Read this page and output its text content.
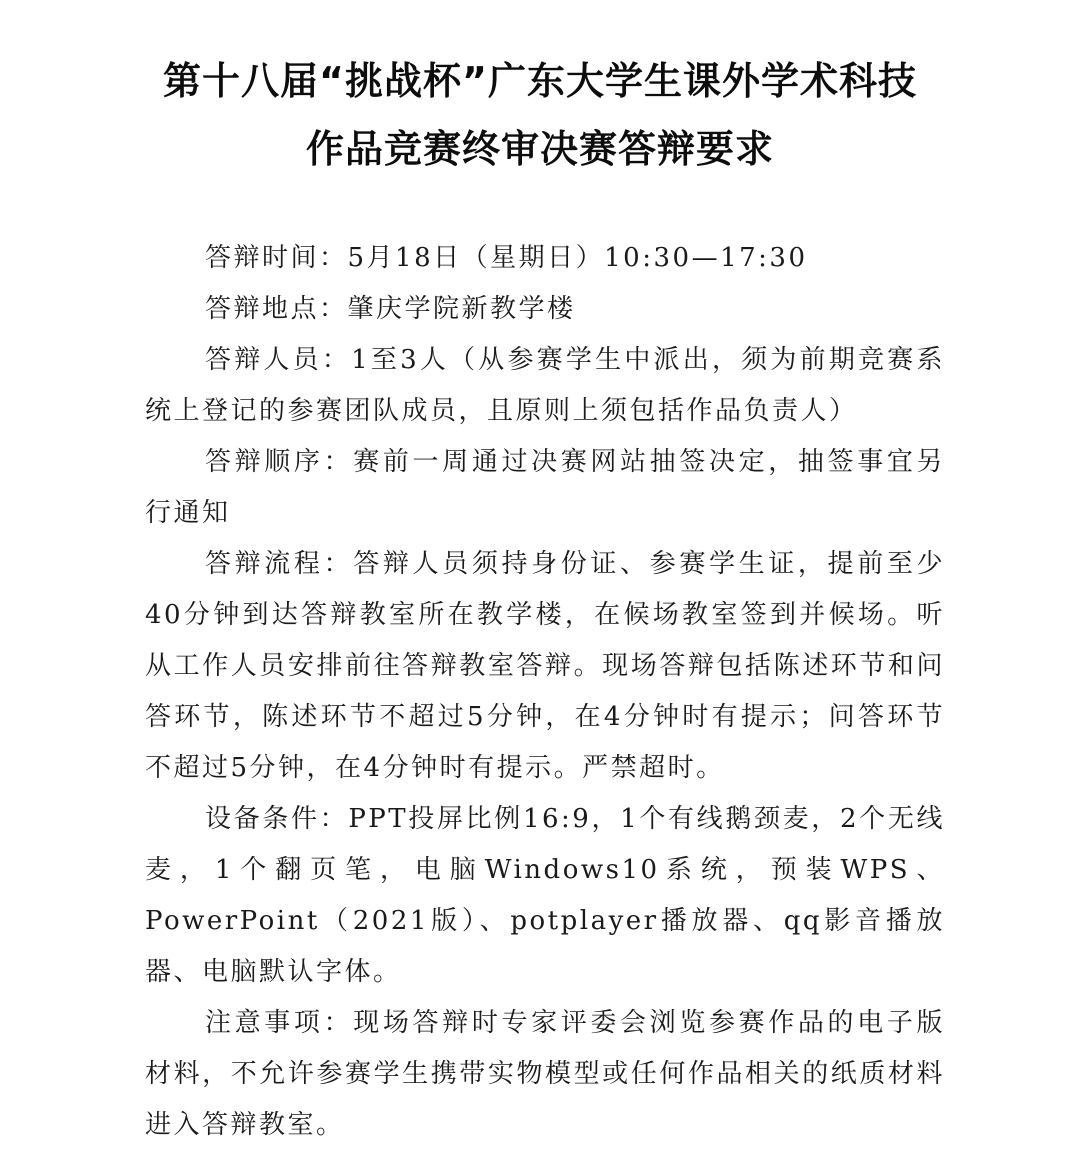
第十八届“挑战杯”广东大学生课外学术科技
作品竞赛终审决赛答辩要求

答辩时间：5月18日（星期日）10:30—17:30

答辩地点：肇庆学院新教学楼

答辩人员：1至3人（从参赛学生中派出，须为前期竞赛系统上登记的参赛团队成员，且原则上须包括作品负责人）

答辩顺序：赛前一周通过决赛网站抽签决定，抽签事宜另行通知

答辩流程：答辩人员须持身份证、参赛学生证，提前至少40分钟到达答辩教室所在教学楼，在候场教室签到并候场。听从工作人员安排前往答辩教室答辩。现场答辩包括陈述环节和问答环节，陈述环节不超过5分钟，在4分钟时有提示；问答环节不超过5分钟，在4分钟时有提示。严禁超时。

设备条件：PPT投屏比例16:9，1个有线鹅颈麦，2个无线麦，1个翻页笔，电脑Windows10系统，预装WPS、PowerPoint（2021版）、potplayer播放器、qq影音播放器、电脑默认字体。

注意事项：现场答辩时专家评委会浏览参赛作品的电子版材料，不允许参赛学生携带实物模型或任何作品相关的纸质材料进入答辩教室。
